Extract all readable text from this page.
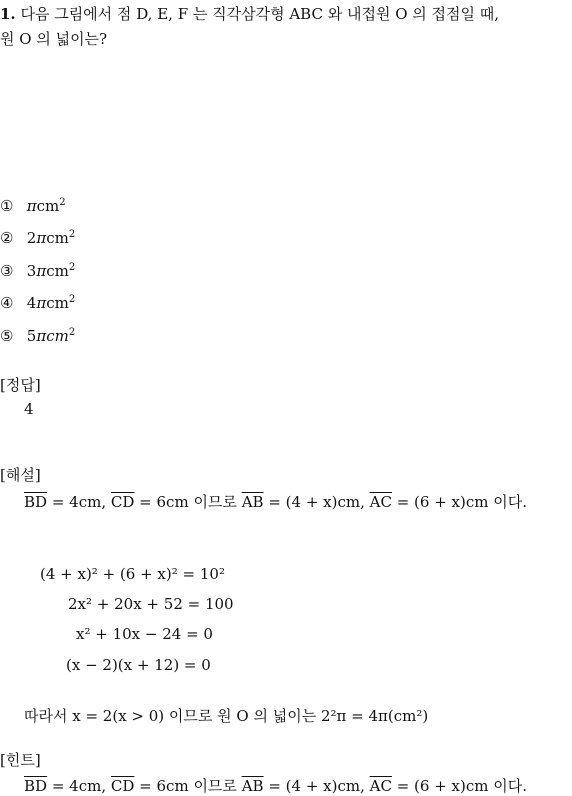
1. 다음 그림에서 점 D, E, F 는 직각삼각형 ABC 와 내접원 O 의 접점일 때,
원 O 의 넓이는?
① πcm$^2$
② 2πcm$^2$
③ 3πcm$^2$
④ 4πcm$^2$
⑤ 5πcm$^2$
[정답]
4
[해설]
$\overline{BD} = 4cm$, $\overline{CD} = 6cm$ 이므로 $\overline{AB} = (4 + x)cm$, $\overline{AC} = (6 + x)cm$ 이다.
(4 + x)² + (6 + x)² = 10²
2x² + 20x + 52 = 100
x² + 10x − 24 = 0
(x − 2)(x + 12) = 0
따라서 x = 2(x > 0) 이므로 원 O 의 넓이는 2²π = 4π(cm²)
[힌트]
$\overline{BD} = 4cm$, $\overline{CD} = 6cm$ 이므로 $\overline{AB} = (4 + x)cm$, $\overline{AC} = (6 + x)cm$ 이다.
